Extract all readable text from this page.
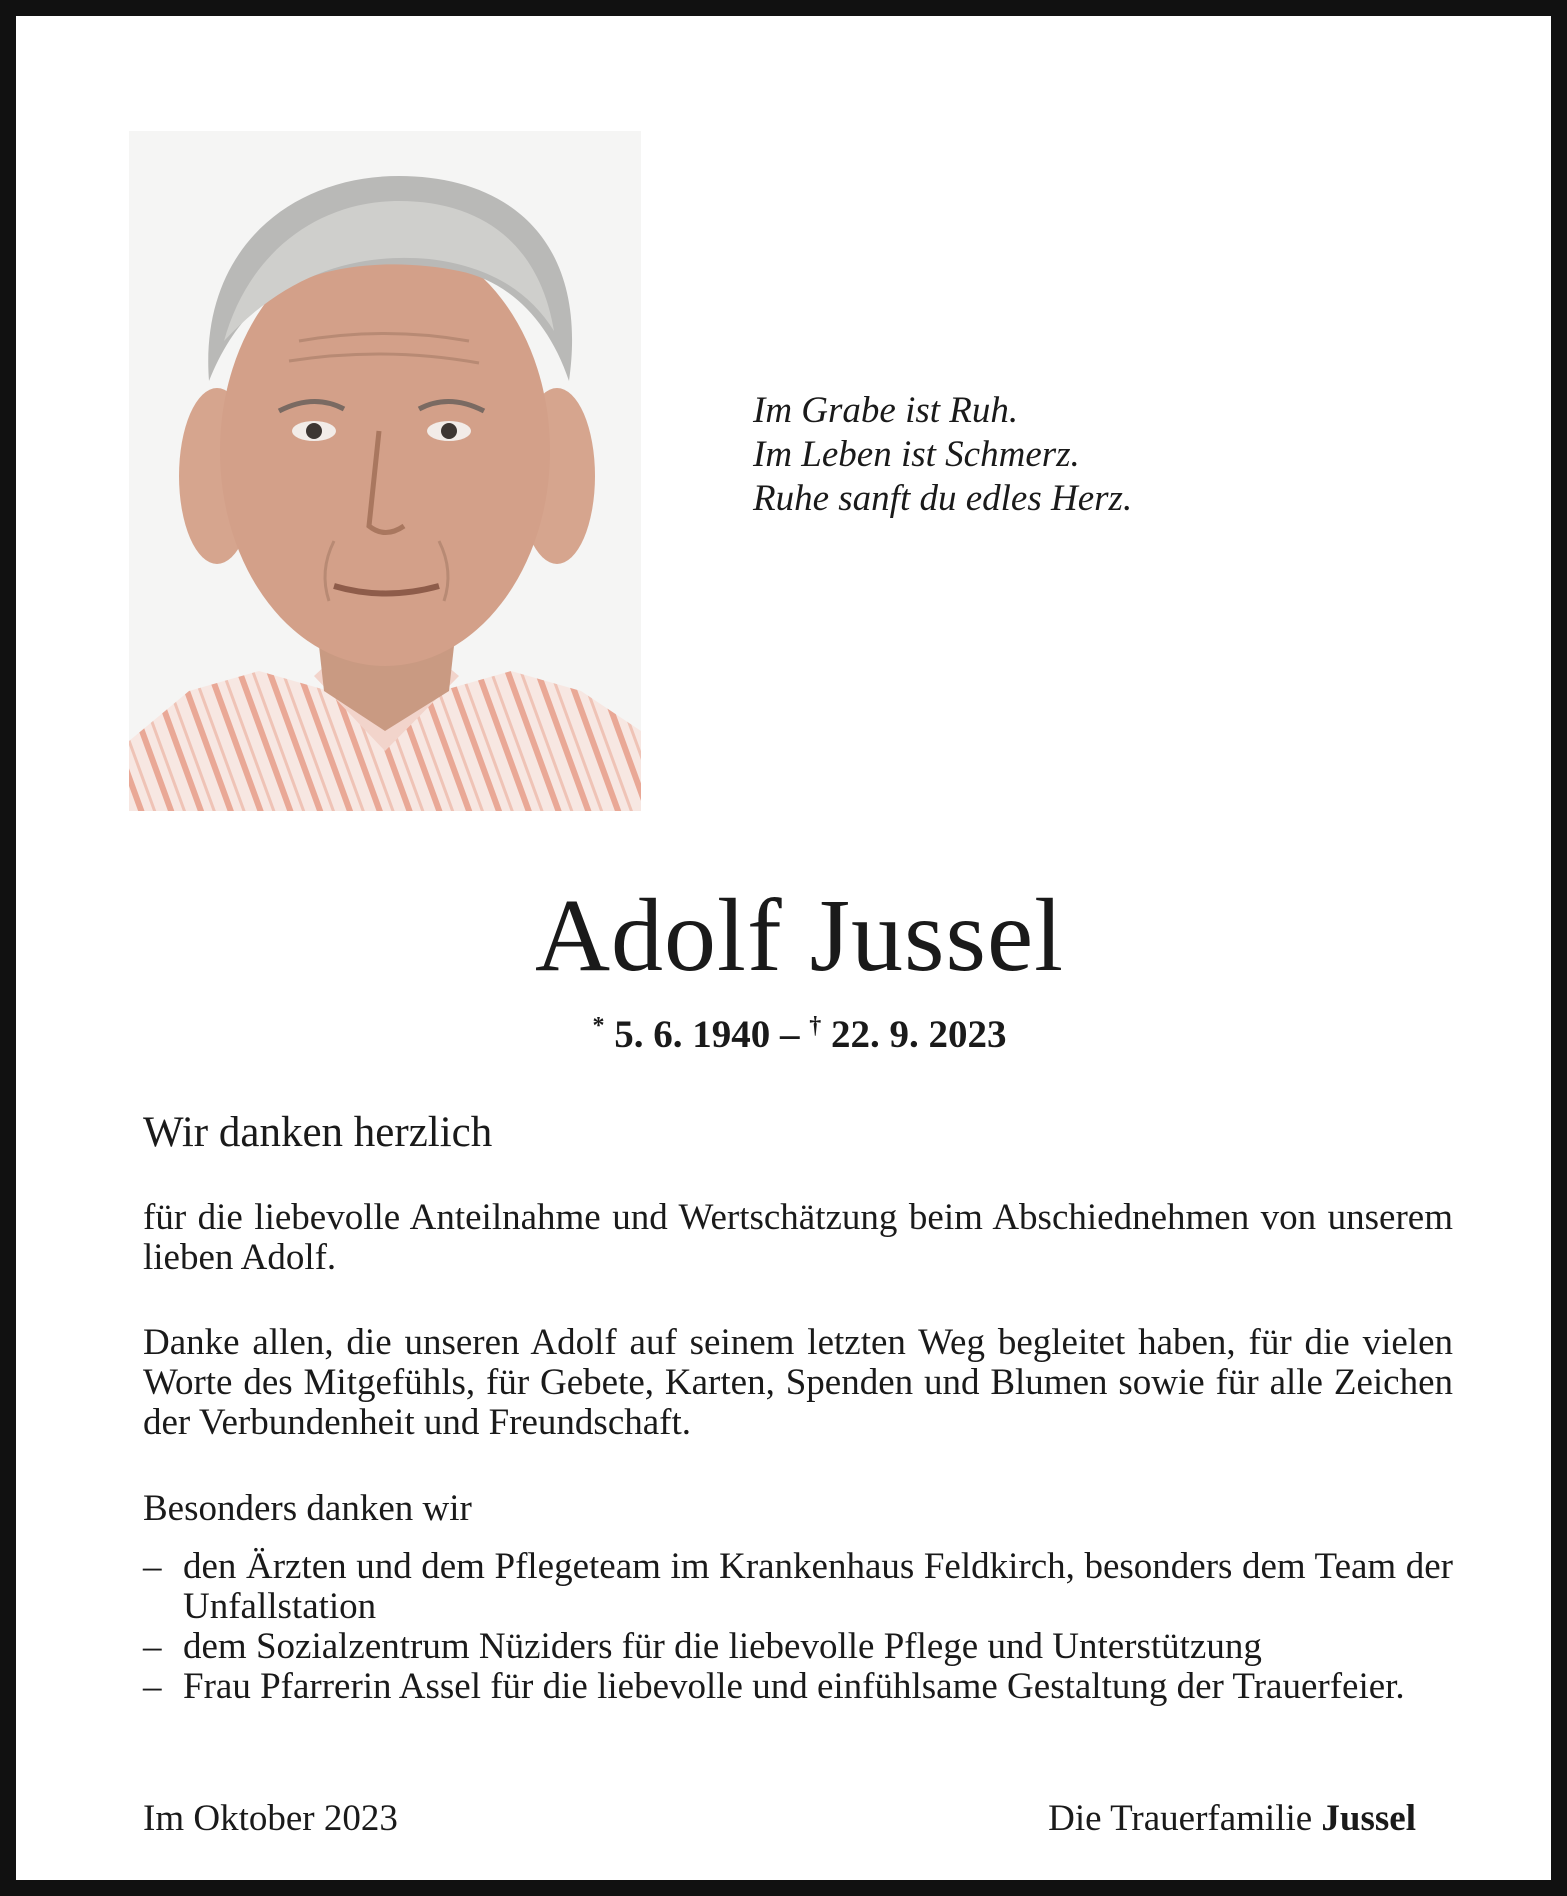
Im Grabe ist Ruh.
Im Leben ist Schmerz.
Ruhe sanft du edles Herz.
Adolf Jussel
* 5. 6. 1940 – † 22. 9. 2023
Wir danken herzlich
für die liebevolle Anteilnahme und Wertschätzung beim Abschiednehmen von unserem lieben Adolf.
Danke allen, die unseren Adolf auf seinem letzten Weg begleitet haben, für die vielen Worte des Mitgefühls, für Gebete, Karten, Spenden und Blumen sowie für alle Zeichen der Verbundenheit und Freundschaft.
Besonders danken wir
– den Ärzten und dem Pflegeteam im Krankenhaus Feldkirch, besonders dem Team der Unfallstation
– dem Sozialzentrum Nüziders für die liebevolle Pflege und Unterstützung
– Frau Pfarrerin Assel für die liebevolle und einfühlsame Gestaltung der Trauerfeier.
Im Oktober 2023	Die Trauerfamilie Jussel
